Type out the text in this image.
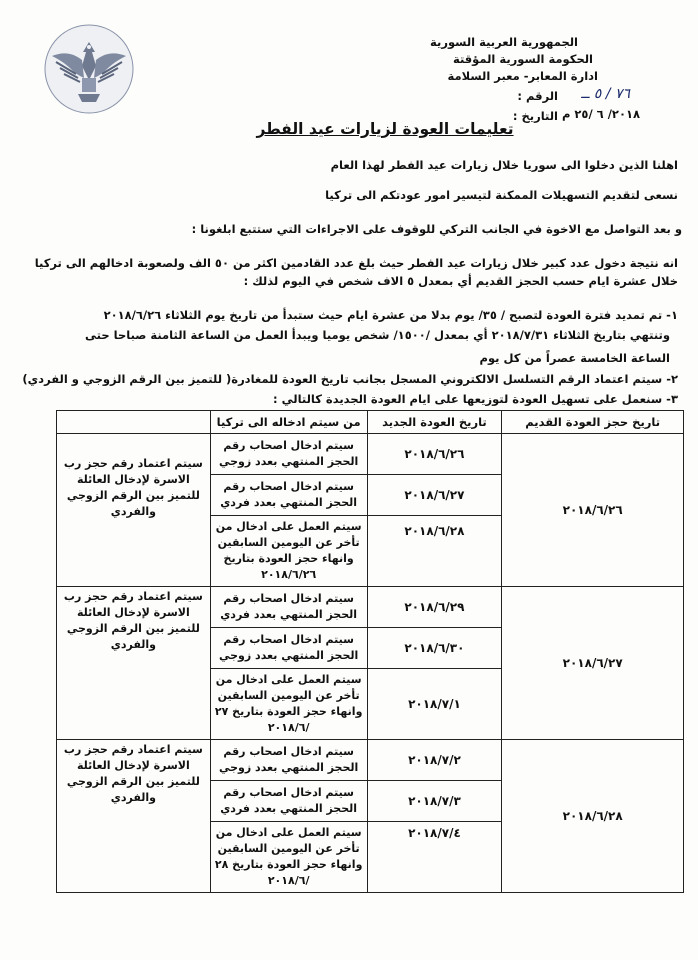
الجمهورية العربية السورية
الحكومة السورية المؤقتة
ادارة المعابر- معبر السلامة
الرقم : ٧٦ / ٥ ــ
التاريخ : ٢٠١٨/ ٦ /٢٥ م
تعليمات العودة لزيارات عيد الفطر
اهلنا الذين دخلوا الى سوريا خلال زيارات عيد الفطر لهذا العام
نسعى لتقديم التسهيلات الممكنة لتيسير امور عودتكم الى تركيا
و بعد التواصل مع الاخوة في الجانب التركي للوقوف على الاجراءات التي ستتبع ابلغونا :
انه نتيجة دخول عدد كبير خلال زيارات عيد الفطر حيث بلغ عدد القادمين اكثر من ٥٠ الف ولصعوبة ادخالهم الى تركيا
خلال عشرة ايام حسب الحجز القديم أي بمعدل ٥ الاف شخص في اليوم لذلك :
١- تم تمديد فترة العودة لتصبح / ٣٥/ يوم بدلا من عشرة ايام حيث ستبدأ من تاريخ يوم الثلاثاء ٢٠١٨/٦/٢٦
وتنتهي بتاريخ الثلاثاء ٢٠١٨/٧/٣١ أي بمعدل /١٥٠٠/ شخص يوميا ويبدأ العمل من الساعة الثامنة صباحا حتى
الساعة الخامسة عصراً من كل يوم
٢- سيتم اعتماد الرقم التسلسل الالكتروني المسجل بجانب تاريخ العودة للمغادرة( للتميز بين الرقم الزوجي و الفردي)
٣- سنعمل على تسهيل العودة لتوزيعها على ايام العودة الجديدة كالتالي :
تاريخ حجز العودة القديم	تاريخ العودة الجديد	من سيتم ادخاله الى تركيا	
٢٠١٨/٦/٢٦	٢٠١٨/٦/٢٦	سيتم ادخال اصحاب رقم الحجز المنتهي بعدد زوجي	سيتم اعتماد رقم حجز رب الاسرة لإدخال العائلة للتميز بين الرقم الزوجي والفردي
	٢٠١٨/٦/٢٧	سيتم ادخال اصحاب رقم الحجز المنتهي بعدد فردي	
	٢٠١٨/٦/٢٨	سيتم العمل على ادخال من تأخر عن اليومين السابقين وانهاء حجز العودة بتاريخ ٢٠١٨/٦/٢٦	
٢٠١٨/٦/٢٧	٢٠١٨/٦/٢٩	سيتم ادخال اصحاب رقم الحجز المنتهي بعدد فردي	سيتم اعتماد رقم حجز رب الاسرة لإدخال العائلة للتميز بين الرقم الزوجي والفردي
	٢٠١٨/٦/٣٠	سيتم ادخال اصحاب رقم الحجز المنتهي بعدد زوجي	
	٢٠١٨/٧/١	سيتم العمل على ادخال من تأخر عن اليومين السابقين وانهاء حجز العودة بتاريخ ٢٧ /٢٠١٨/٦	
٢٠١٨/٦/٢٨	٢٠١٨/٧/٢	سيتم ادخال اصحاب رقم الحجز المنتهي بعدد زوجي	سيتم اعتماد رقم حجز رب الاسرة لإدخال العائلة للتميز بين الرقم الزوجي والفردي
	٢٠١٨/٧/٣	سيتم ادخال اصحاب رقم الحجز المنتهي بعدد فردي	
	٢٠١٨/٧/٤	سيتم العمل على ادخال من تأخر عن اليومين السابقين وانهاء حجز العودة بتاريخ ٢٨ /٢٠١٨/٦	
